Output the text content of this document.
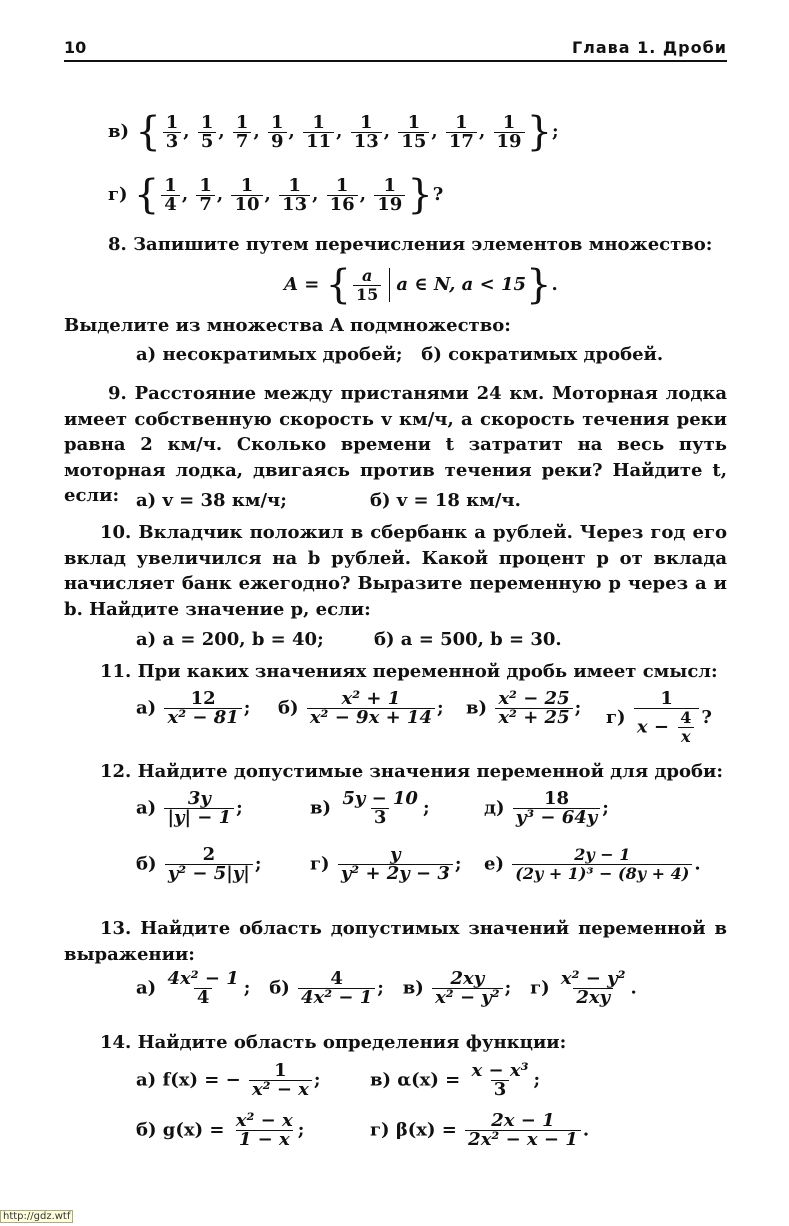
10	Глава 1. Дроби
в) { $\frac{1}{3}$ , $\frac{1}{5}$ , $\frac{1}{7}$ , $\frac{1}{9}$ , $\frac{1}{11}$ , $\frac{1}{13}$ , $\frac{1}{15}$ , $\frac{1}{17}$ , $\frac{1}{19}$ };
г) { $\frac{1}{4}$ , $\frac{1}{7}$ , $\frac{1}{10}$ , $\frac{1}{13}$ , $\frac{1}{16}$ , $\frac{1}{19}$ }?
8. Запишите путем перечисления элементов множество:
A = { $\frac{a}{15}$ a ∈ N, a < 15}.
Выделите из множества A подмножество:
а) несократимых дробей;   б) сократимых дробей.
9. Расстояние между пристанями 24 км. Моторная лодка имеет собственную скорость v км/ч, а скорость течения реки равна 2 км/ч. Сколько времени t затратит на весь путь моторная лодка, двигаясь против течения реки? Найдите t, если: а) v = 38 км/ч;	б) v = 18 км/ч.
10. Вкладчик положил в сбербанк a рублей. Через год его вклад увеличился на b рублей. Какой процент p от вклада начисляет банк ежегодно? Выразите переменную p через a и b. Найдите значение p, если:
а) a = 200, b = 40;	б) a = 500, b = 30.
11. При каких значениях переменной дробь имеет смысл:
$а) \frac{12}{\text{x² − 81}}$ ; $б) \frac{\text{x² + 1}}{\text{x² − 9x + 14}}$ ; $в) \frac{\text{x² − 25}}{\text{x² + 25}}$ ; $г) \frac{1}{x - \frac{4}{x}}$ ?
12. Найдите допустимые значения переменной для дроби:
$а) \frac{3y}{|y| - 1}$ ;	$в) \frac{5y - 10}{3}$ ;	$д) \frac{18}{\text{y³ − 64y}}$ ;
$б) \frac{2}{\text{y² − 5|y|}}$ ;	$г) \frac{y}{\text{y² + 2y − 3}}$ ; $е) \frac{2y - 1}{\text{(2y + 1)³ − (8y + 4)}}$ .
13. Найдите область допустимых значений переменной в выражении:
$а) \frac{\text{4x² − 1}}{4}$ ;   $б) \frac{4}{\text{4x² − 1}}$ ;   $в) \frac{2xy}{\text{x² − y²}}$ ;   $г) \frac{\text{x² − y²}}{2xy}$ .
14. Найдите область определения функции:
а) f(x) = − $\frac{1}{\text{x² − x}}$ ;	в) $\alpha(x) = \frac{\text{x − x³}}{3}$ ;
б) $g(x) = \frac{\text{x² − x}}{1 - x}$ ;	г) $\beta(x) = \frac{2x - 1}{\text{2x² − x − 1}}$ .
http://gdz.wtf
